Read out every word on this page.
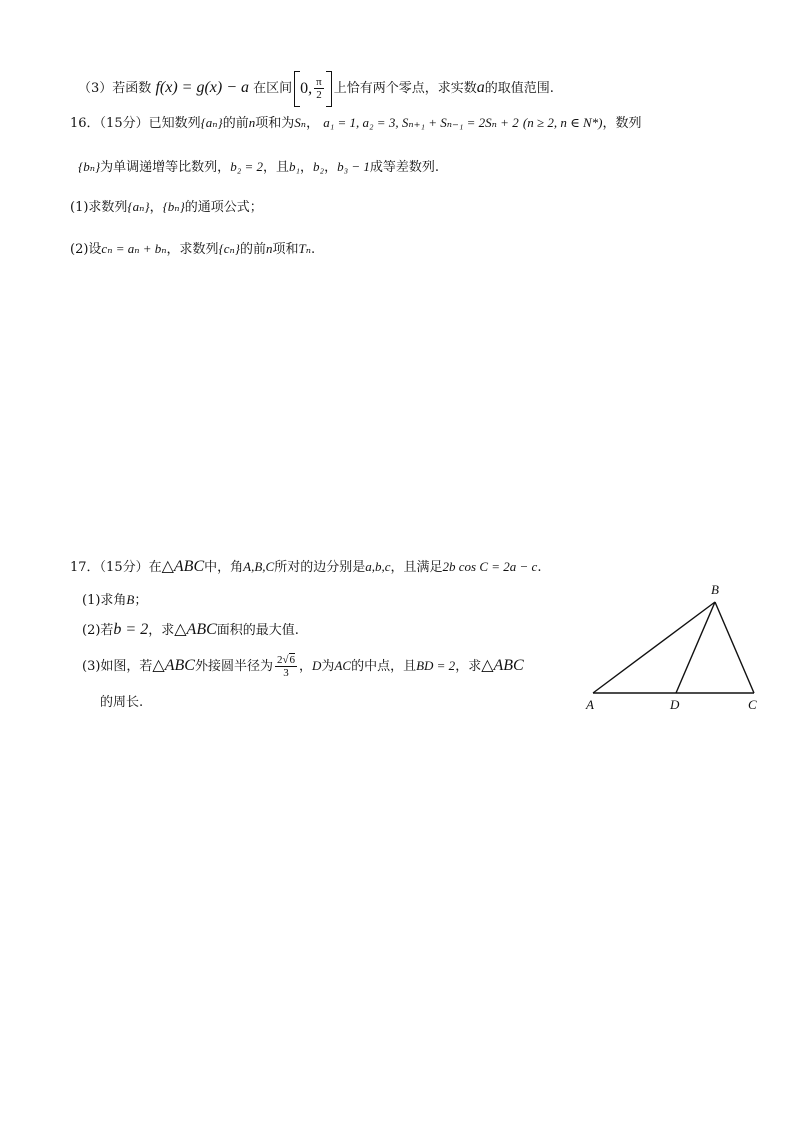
（3）若函数 f(x) = g(x) − a 在区间 0, $\frac{\pi}{2}$ 上恰有两个零点，求实数a的取值范围.
16．（15分）已知数列{aₙ}的前n项和为Sₙ， a₁ = 1, a₂ = 3, Sₙ₊₁ + Sₙ₋₁ = 2Sₙ + 2 (n ≥ 2, n ∈ N*)，数列
{bₙ}为单调递增等比数列，b₂ = 2，且b₁，b₂，b₃ − 1成等差数列.
(1)求数列{aₙ}，{bₙ}的通项公式；
(2)设cₙ = aₙ + bₙ，求数列{cₙ}的前n项和Tₙ.
17．（15分）在△ABC中，角A,B,C所对的边分别是a,b,c，且满足2b cos C = 2a − c.
(1)求角B；
(2)若b = 2，求△ABC面积的最大值.
(3)如图，若△ABC外接圆半径为 $\frac{2√6}{3}$ ，D为AC的中点，且BD = 2，求△ABC
的周长.
B
A	D	C
